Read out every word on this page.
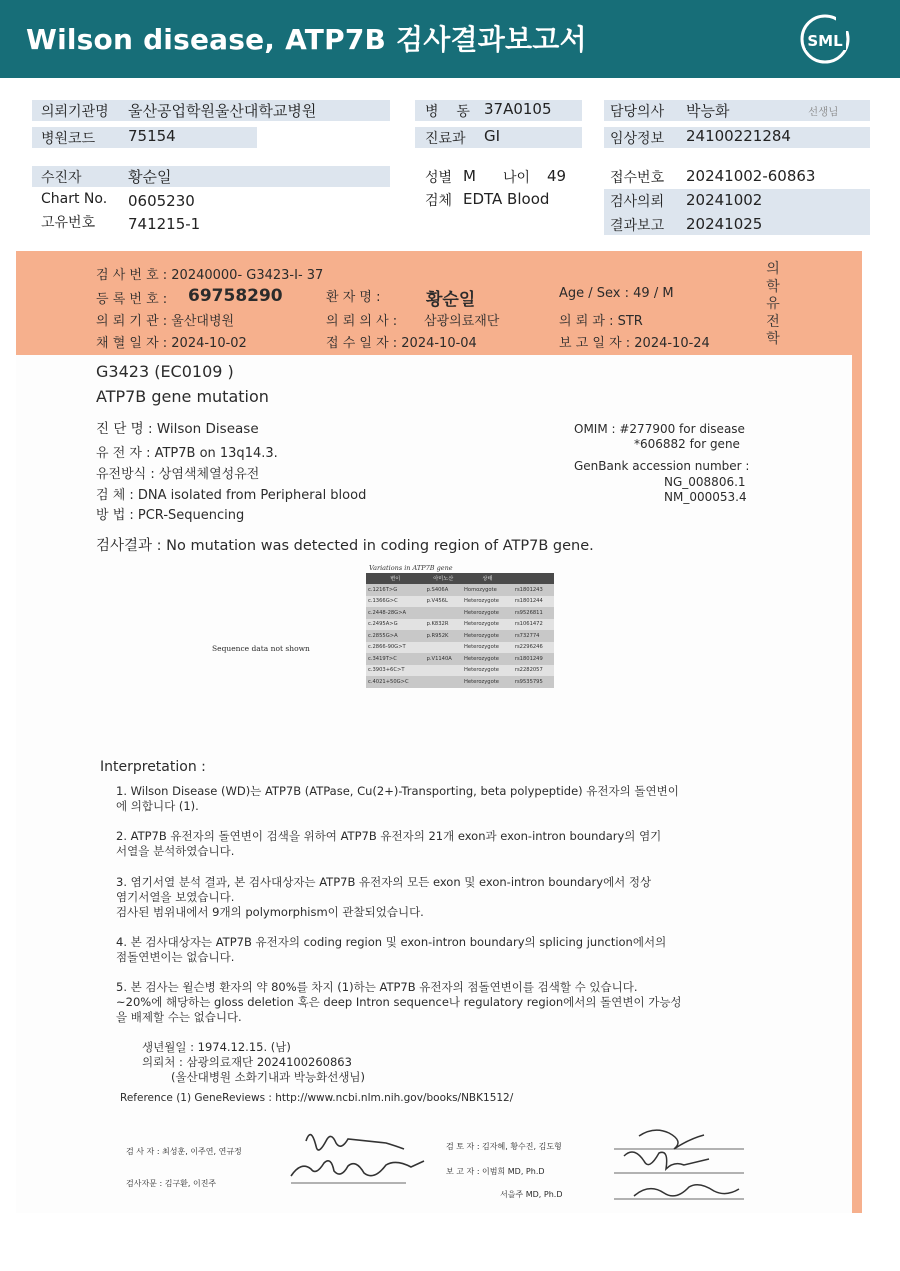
Wilson disease, ATP7B 검사결과보고서	SML
의뢰기관명 울산공업학원울산대학교병원
병원코드 75154
병    동 37A0105
진료과 GI
담당의사 박능화	선생님
임상정보 24100221284
수진자	황순일
Chart No. 0605230
고유번호 741215-1
성별 M 나이 49
검체 EDTA Blood
접수번호 20241002-60863
검사의뢰 20241002
결과보고 20241025
검 사 번 호 : 20240000- G3423-I- 37
등 록 번 호 : 69758290	환 자 명 :	황순일	Age / Sex : 49 / M
의 뢰 기 관 : 울산대병원	의 뢰 의 사 : 삼광의료재단	의 뢰 과 : STR
채 혈 일 자 : 2024-10-02	접 수 일 자 : 2024-10-04	보 고 일 자 : 2024-10-24
의
학
유
전
학
G3423 (EC0109 )
ATP7B gene mutation
진 단 명 : Wilson Disease
유 전 자 : ATP7B on 13q14.3.
유전방식 : 상염색체열성유전
검 체 : DNA isolated from Peripheral blood
방 법 : PCR-Sequencing
OMIM : #277900 for disease
*606882 for gene
GenBank accession number :
NG_008806.1
NM_000053.4
검사결과 : No mutation was detected in coding region of ATP7B gene.
Sequence data not shown
Variations in ATP7B gene
변이	아미노산	상태	
c.1216T>G	p.S406A	Homozygote	rs1801243
c.1366G>C	p.V456L	Heterozygote	rs1801244
c.2448-28G>A		Heterozygote	rs9526811
c.2495A>G	p.K832R	Heterozygote	rs1061472
c.2855G>A	p.R952K	Heterozygote	rs732774
c.2866-90G>T		Heterozygote	rs2296246
c.3419T>C	p.V1140A	Heterozygote	rs1801249
c.3903+6C>T		Heterozygote	rs2282057
c.4021+50G>C		Heterozygote	rs9535795
Interpretation :
1. Wilson Disease (WD)는 ATP7B (ATPase, Cu(2+)-Transporting, beta polypeptide) 유전자의 돌연변이
에 의합니다 (1).
2. ATP7B 유전자의 돌연변이 검색을 위하여 ATP7B 유전자의 21개 exon과 exon-intron boundary의 염기
서열을 분석하였습니다.
3. 염기서열 분석 결과, 본 검사대상자는 ATP7B 유전자의 모든 exon 및 exon-intron boundary에서 정상
염기서열을 보였습니다.
검사된 범위내에서 9개의 polymorphism이 관찰되었습니다.
4. 본 검사대상자는 ATP7B 유전자의 coding region 및 exon-intron boundary의 splicing junction에서의
점돌연변이는 없습니다.
5. 본 검사는 윌슨병 환자의 약 80%를 차지 (1)하는 ATP7B 유전자의 점돌연변이를 검색할 수 있습니다.
~20%에 해당하는 gloss deletion 혹은 deep Intron sequence나 regulatory region에서의 돌연변이 가능성
을 배제할 수는 없습니다.
생년월일 : 1974.12.15. (남)
의뢰처 : 삼광의료재단 2024100260863
(울산대병원 소화기내과 박능화선생님)
Reference (1) GeneReviews : http://www.ncbi.nlm.nih.gov/books/NBK1512/
검 사 자 : 최성훈, 이주연, 연규정
검사자문 : 김구환, 이진주
검 토 자 : 김자혜, 황수진, 김도형
보 고 자 : 이범희 MD, Ph.D
서을주 MD, Ph.D
